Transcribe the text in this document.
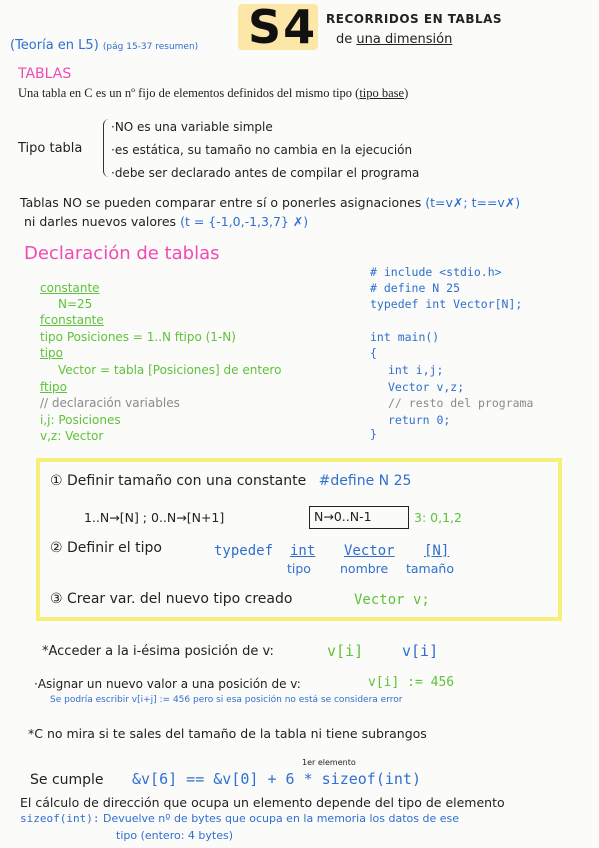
S4
(Teoría en L5) (pág 15-37 resumen)
RECORRIDOS EN TABLAS
de una dimensión
TABLAS
Una tabla en C es un nº fijo de elementos definidos del mismo tipo (tipo base)
Tipo tabla
·NO es una variable simple
·es estática, su tamaño no cambia en la ejecución
·debe ser declarado antes de compilar el programa
Tablas NO se pueden comparar entre sí o ponerles asignaciones (t=v✗; t==v✗)
ni darles nuevos valores (t = {-1,0,-1,3,7} ✗)
Declaración de tablas
constante
N=25
fconstante
tipo Posiciones = 1..N ftipo (1-N)
tipo
Vector = tabla [Posiciones] de entero
ftipo
// declaración variables
i,j: Posiciones
v,z: Vector
# include <stdio.h>
# define N 25
typedef int Vector[N];
int main()
{
int i,j;
Vector v,z;
// resto del programa
return 0;
}
① Definir tamaño con una constante #define N 25
1..N→[N] ; 0..N→[N+1]	N→0..N-1	3: 0,1,2
② Definir el tipo	typedef int Vector [N]
tipo nombre tamaño
③ Crear var. del nuevo tipo creado	Vector v;
*Acceder a la i-ésima posición de v:	v[i]	v[i]
·Asignar un nuevo valor a una posición de v:	v[i] := 456
Se podría escribir v[i+j] := 456 pero si esa posición no está se considera error
*C no mira si te sales del tamaño de la tabla ni tiene subrangos
1er elemento
Se cumple &v[6] == &v[0] + 6 * sizeof(int)
El cálculo de dirección que ocupa un elemento depende del tipo de elemento
sizeof(int): Devuelve nº de bytes que ocupa en la memoria los datos de ese
tipo (entero: 4 bytes)
